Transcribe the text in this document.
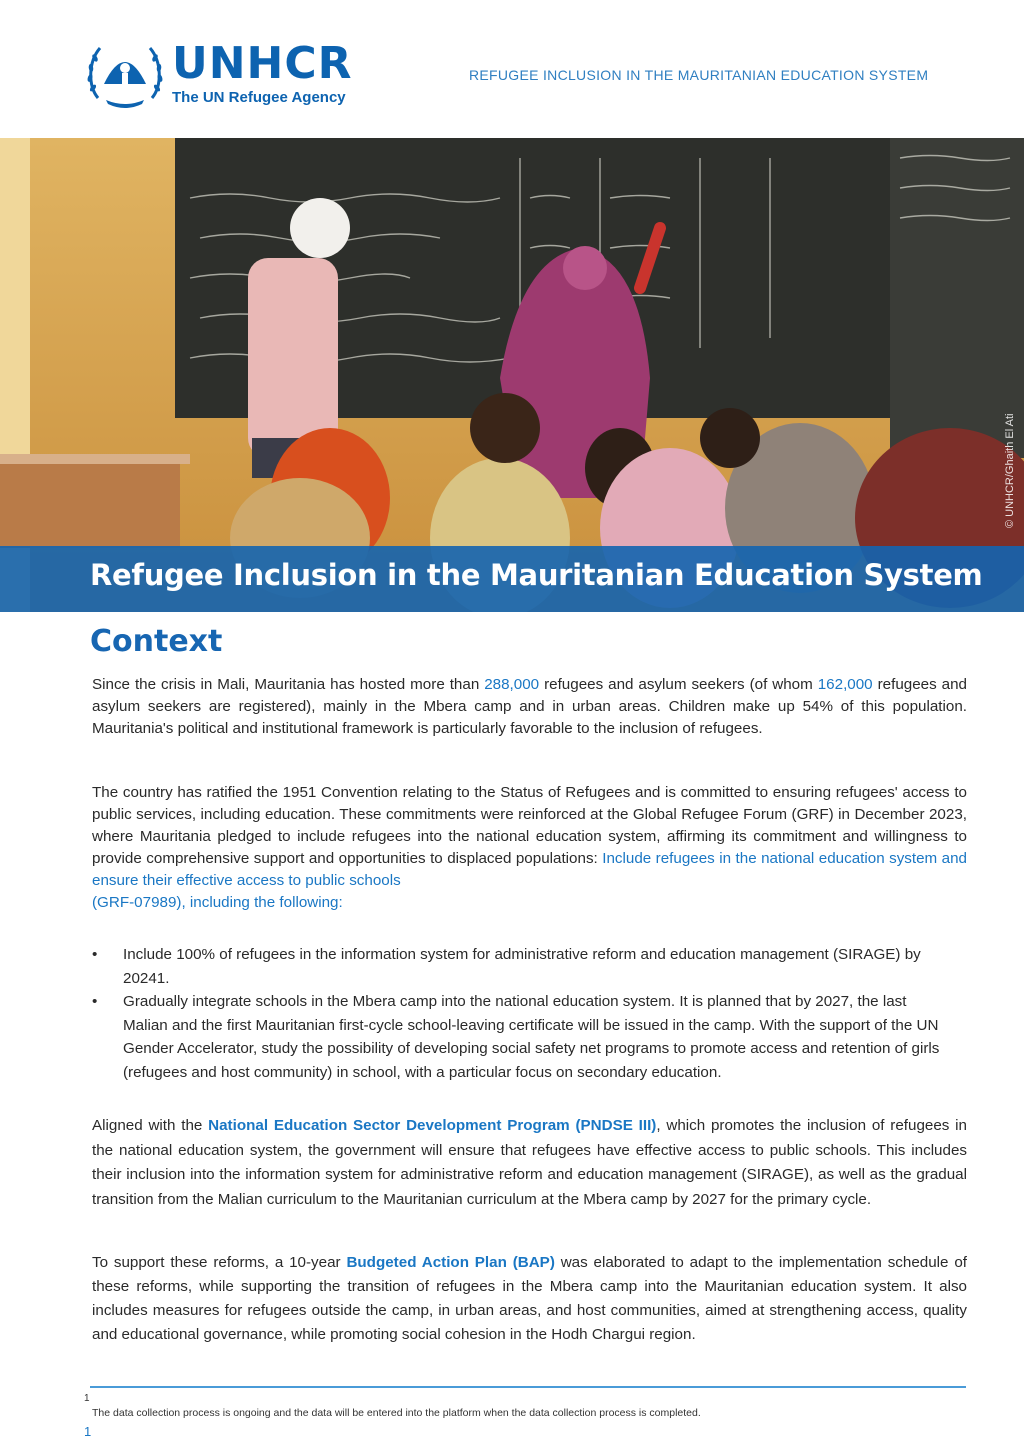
UNHCR
The UN Refugee Agency
REFUGEE INCLUSION IN THE MAURITANIAN EDUCATION SYSTEM
© UNHCR/Ghaith El Ati
Refugee Inclusion in the Mauritanian Education System
Context

Since the crisis in Mali, Mauritania has hosted more than 288,000 refugees and asylum seekers (of whom 162,000 refugees and asylum seekers are registered), mainly in the Mbera camp and in urban areas. Children make up 54% of this population. Mauritania's political and institutional framework is particularly favorable to the inclusion of refugees.

The country has ratified the 1951 Convention relating to the Status of Refugees and is committed to ensuring refugees' access to public services, including education. These commitments were reinforced at the Global Refugee Forum (GRF) in December 2023, where Mauritania pledged to include refugees into the national education system, affirming its commitment and willingness to provide comprehensive support and opportunities to displaced populations: Include refugees in the national education system and ensure their effective access to public schools
(GRF-07989), including the following:

• Include 100% of refugees in the information system for administrative reform and education management (SIRAGE) by 20241.
• Gradually integrate schools in the Mbera camp into the national education system. It is planned that by 2027, the last Malian and the first Mauritanian first-cycle school-leaving certificate will be issued in the camp. With the support of the UN Gender Accelerator, study the possibility of developing social safety net programs to promote access and retention of girls (refugees and host community) in school, with a particular focus on secondary education.

Aligned with the National Education Sector Development Program (PNDSE III), which promotes the inclusion of refugees in the national education system, the government will ensure that refugees have effective access to public schools. This includes their inclusion into the information system for administrative reform and education management (SIRAGE), as well as the gradual transition from the Malian curriculum to the Mauritanian curriculum at the Mbera camp by 2027 for the primary cycle.

To support these reforms, a 10-year Budgeted Action Plan (BAP) was elaborated to adapt to the implementation schedule of these reforms, while supporting the transition of refugees in the Mbera camp into the Mauritanian education system. It also includes measures for refugees outside the camp, in urban areas, and host communities, aimed at strengthening access, quality and educational governance, while promoting social cohesion in the Hodh Chargui region.

1
The data collection process is ongoing and the data will be entered into the platform when the data collection process is completed.
1
